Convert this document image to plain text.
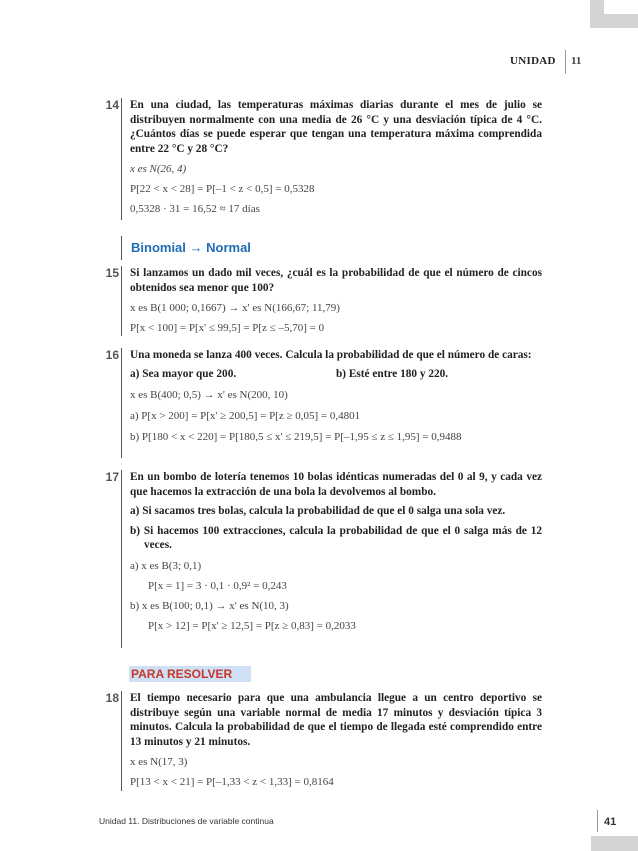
UNIDAD 11
14 En una ciudad, las temperaturas máximas diarias durante el mes de julio se distribuyen normalmente con una media de 26 °C y una desviación típica de 4 °C. ¿Cuántos días se puede esperar que tengan una temperatura máxima comprendida entre 22 °C y 28 °C?
x es N(26, 4)
P[22 < x < 28] = P[–1 < z < 0,5] = 0,5328
0,5328 · 31 = 16,52 ≈ 17 días
Binomial → Normal
15 Si lanzamos un dado mil veces, ¿cuál es la probabilidad de que el número de cincos obtenidos sea menor que 100?
x es B(1 000; 0,1667) → x' es N(166,67; 11,79)
P[x < 100] = P[x' ≤ 99,5] = P[z ≤ –5,70] = 0
16 Una moneda se lanza 400 veces. Calcula la probabilidad de que el número de caras:
a) Sea mayor que 200.	b) Esté entre 180 y 220.
x es B(400; 0,5) → x' es N(200, 10)
a) P[x > 200] = P[x' ≥ 200,5] = P[z ≥ 0,05] = 0,4801
b) P[180 < x < 220] = P[180,5 ≤ x' ≤ 219,5] = P[–1,95 ≤ z ≤ 1,95] = 0,9488
17 En un bombo de lotería tenemos 10 bolas idénticas numeradas del 0 al 9, y cada vez que hacemos la extracción de una bola la devolvemos al bombo.
a) Si sacamos tres bolas, calcula la probabilidad de que el 0 salga una sola vez.
b) Si hacemos 100 extracciones, calcula la probabilidad de que el 0 salga más de 12 veces.
a) x es B(3; 0,1)
P[x = 1] = 3 · 0,1 · 0,9² = 0,243
b) x es B(100; 0,1) → x' es N(10, 3)
P[x > 12] = P[x' ≥ 12,5] = P[z ≥ 0,83] = 0,2033
PARA RESOLVER
18 El tiempo necesario para que una ambulancia llegue a un centro deportivo se distribuye según una variable normal de media 17 minutos y desviación típica 3 minutos. Calcula la probabilidad de que el tiempo de llegada esté comprendido entre 13 minutos y 21 minutos.
x es N(17, 3)
P[13 < x < 21] = P[–1,33 < z < 1,33] = 0,8164
Unidad 11. Distribuciones de variable continua	41
